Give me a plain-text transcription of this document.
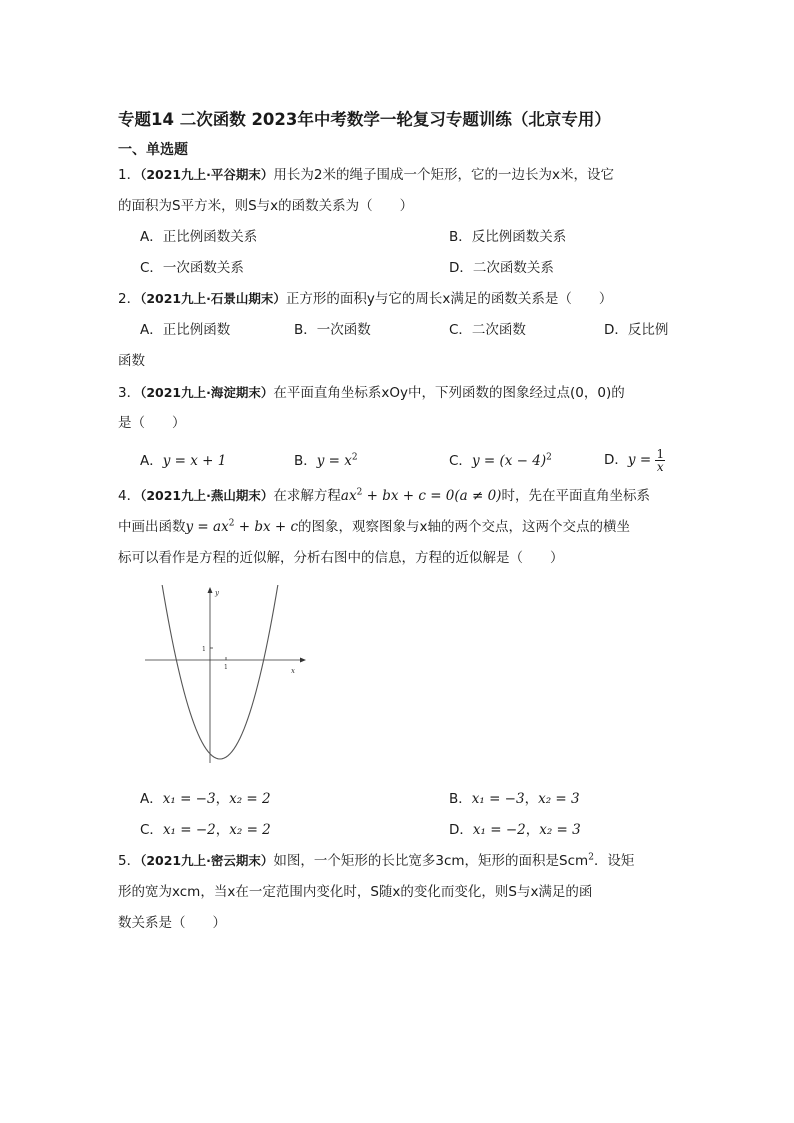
专题14 二次函数 2023年中考数学一轮复习专题训练（北京专用）
一、单选题
1．（2021九上·平谷期末）用长为2米的绳子围成一个矩形，它的一边长为x米，设它
的面积为S平方米，则S与x的函数关系为（　　）
A．正比例函数关系	B．反比例函数关系
C．一次函数关系	D．二次函数关系
2．（2021九上·石景山期末）正方形的面积y与它的周长x满足的函数关系是（　　）
A．正比例函数	B．一次函数	C．二次函数	D．反比例
函数
3．（2021九上·海淀期末）在平面直角坐标系xOy中，下列函数的图象经过点(0，0)的
是（　　）
A．y = x + 1	B．$y = x^2$	C．$y = (x - 4)^2$	D．$y = \frac{1}{x}$
4．（2021九上·燕山期末）在求解方程$ax^2$ + bx + c = 0(a ≠ 0)时，先在平面直角坐标系
中画出函数$y = ax^2$ + bx + c的图象，观察图象与x轴的两个交点，这两个交点的横坐
标可以看作是方程的近似解，分析右图中的信息，方程的近似解是（　　）
y
x
1
1
A．x₁ = −3，x₂ = 2	B．x₁ = −3，x₂ = 3
C．x₁ = −2，x₂ = 2	D．x₁ = −2，x₂ = 3
5．（2021九上·密云期末）如图，一个矩形的长比宽多3cm，矩形的面积是Scm$^2$．设矩
形的宽为xcm，当x在一定范围内变化时，S随x的变化而变化，则S与x满足的函
数关系是（　　）
